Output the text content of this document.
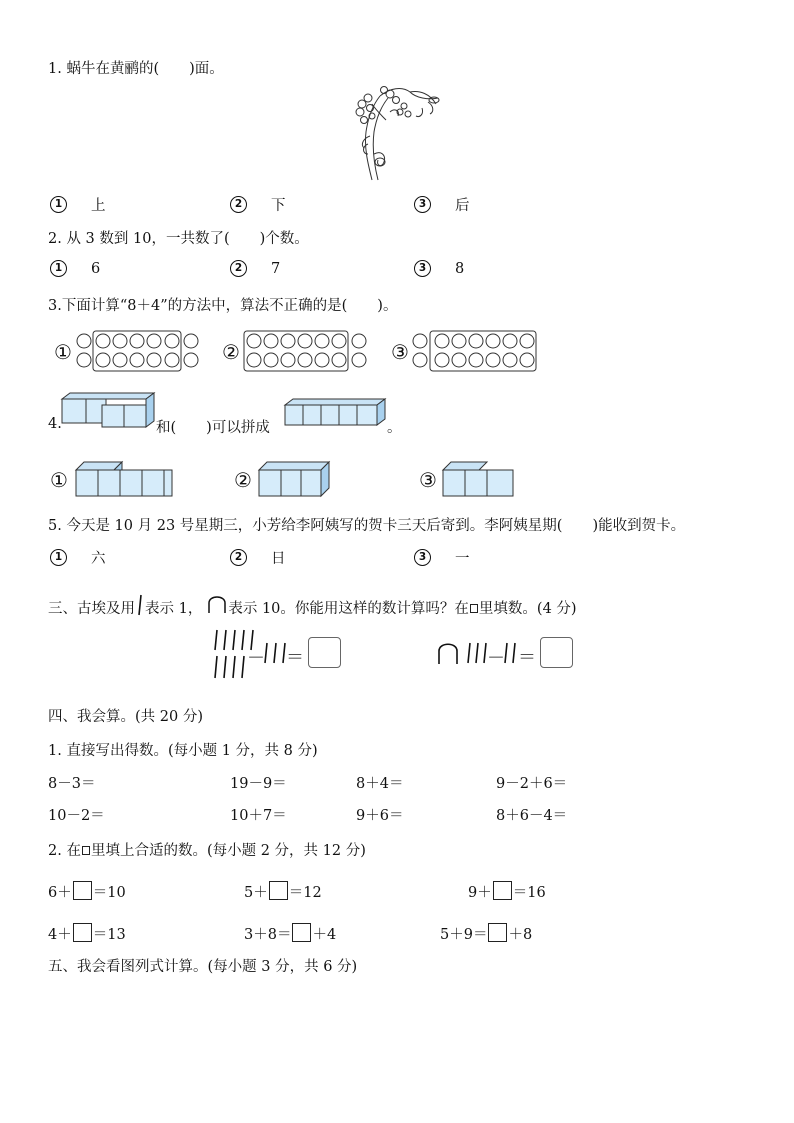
1. 蜗牛在黄鹂的( )面。
1 上	2 下	3 后
2. 从 3 数到 10，一共数了( )个数。
1 6	2 7	3 8
3.下面计算“8＋4”的方法中，算法不正确的是( )。
①	②	③
4.	和( )可以拼成	。
①	②	③
5. 今天是 10 月 23 号星期三，小芳给李阿姨写的贺卡三天后寄到。李阿姨星期( )能收到贺卡。
1 六	2 日	3 一
三、古埃及用 表示 1， 表示 10。你能用这样的数计算吗？在 里填数。(4 分)
－ ＝	－ ＝
四、我会算。(共 20 分)
1. 直接写出得数。(每小题 1 分，共 8 分)
8－3＝	19－9＝	8＋4＝	9－2＋6＝
10－2＝	10＋7＝	9＋6＝	8＋6－4＝
2. 在 里填上合适的数。(每小题 2 分，共 12 分)
6＋ ＝10	5＋ ＝12	9＋ ＝16
4＋ ＝13	3＋8＝ ＋4	5＋9＝ ＋8
五、我会看图列式计算。(每小题 3 分，共 6 分)
